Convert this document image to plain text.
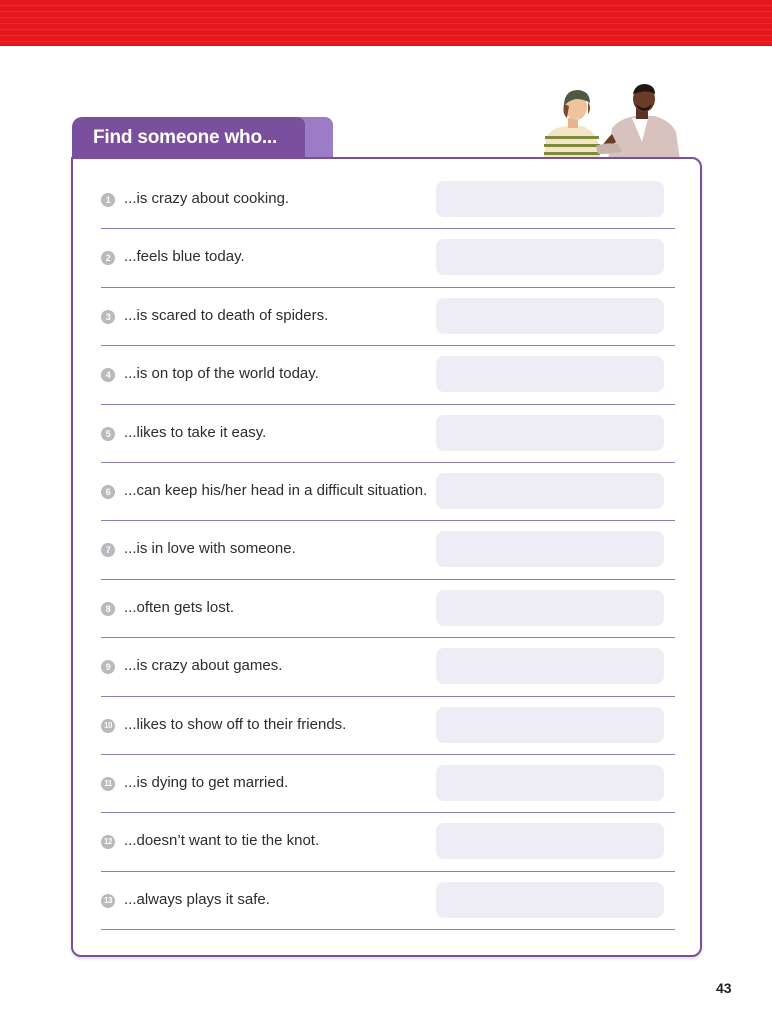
Find someone who...
1 ...is crazy about cooking.
2 ...feels blue today.
3 ...is scared to death of spiders.
4 ...is on top of the world today.
5 ...likes to take it easy.
6 ...can keep his/her head in a difficult situation.
7 ...is in love with someone.
8 ...often gets lost.
9 ...is crazy about games.
10 ...likes to show off to their friends.
11 ...is dying to get married.
12 ...doesn’t want to tie the knot.
13 ...always plays it safe.
43
